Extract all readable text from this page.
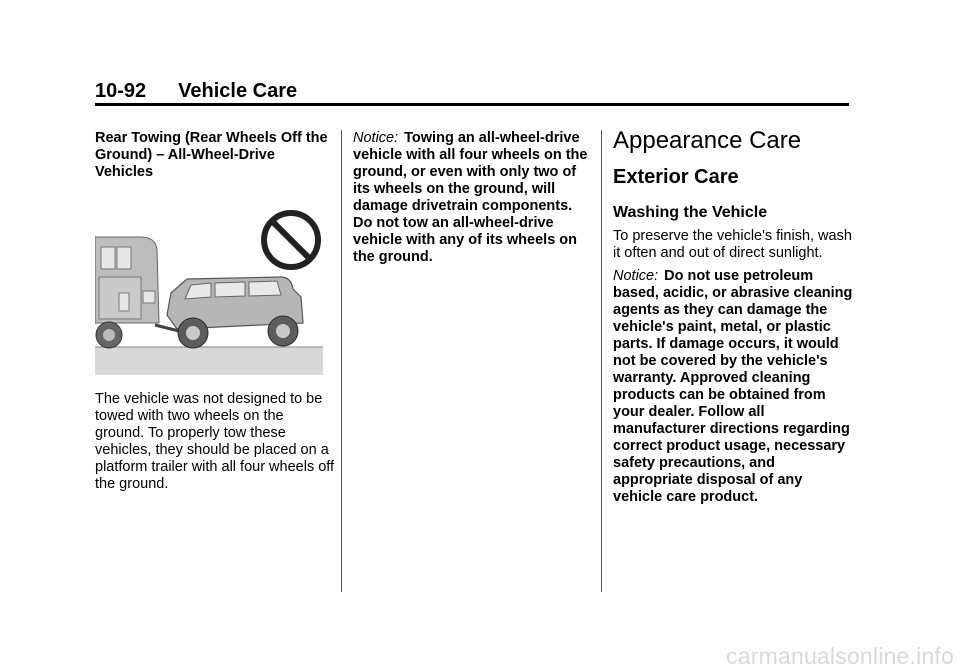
10-92 Vehicle Care
Rear Towing (Rear Wheels Off the Ground) – All-Wheel-Drive Vehicles
The vehicle was not designed to be towed with two wheels on the ground. To properly tow these vehicles, they should be placed on a platform trailer with all four wheels off the ground.
Notice: Towing an all-wheel-drive vehicle with all four wheels on the ground, or even with only two of its wheels on the ground, will damage drivetrain components. Do not tow an all-wheel-drive vehicle with any of its wheels on the ground.
Appearance Care
Exterior Care
Washing the Vehicle

To preserve the vehicle's finish, wash it often and out of direct sunlight.

Notice: Do not use petroleum based, acidic, or abrasive cleaning agents as they can damage the vehicle's paint, metal, or plastic parts. If damage occurs, it would not be covered by the vehicle's warranty. Approved cleaning products can be obtained from your dealer. Follow all manufacturer directions regarding correct product usage, necessary safety precautions, and appropriate disposal of any vehicle care product.

carmanualsonline.info
